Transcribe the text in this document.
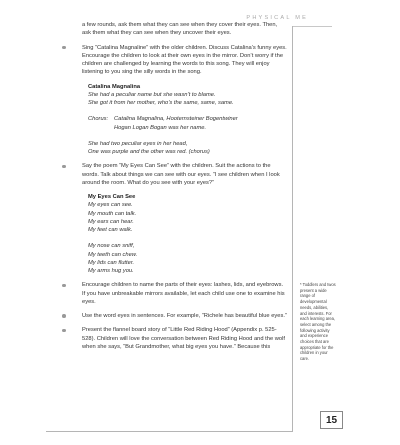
PHYSICAL ME

a few rounds, ask them what they can see when they cover their eyes. Then, ask them what they can see when they uncover their eyes.

Sing “Catalina Magnaline” with the older children. Discuss Catalina’s funny eyes. Encourage the children to look at their own eyes in the mirror. Don’t worry if the children are challenged by learning the words to this song. They will enjoy listening to you sing the silly words in the song.

Catalina Magnalina

She had a peculiar name but she wasn’t to blame.

She got it from her mother, who’s the same, same, same.

Chorus:	Catalina Magnalina, Hooternsteiner Bogentwiner

Hogan Logan Bogan was her name.

She had two peculiar eyes in her head,

One was purple and the other was red. (chorus)

Say the poem “My Eyes Can See” with the children. Suit the actions to the words. Talk about things we can see with our eyes. “I see children when I look around the room. What do you see with your eyes?”

My Eyes Can See

My eyes can see.

My mouth can talk.

My ears can hear.

My feet can walk.

My nose can sniff,

My teeth can chew.

My lids can flutter.

My arms hug you.

Encourage children to name the parts of their eyes: lashes, lids, and eyebrows. If you have unbreakable mirrors available, let each child use one to examine his eyes.

Use the word eyes in sentences. For example, “Richele has beautiful blue eyes.”

Present the flannel board story of “Little Red Riding Hood” (Appendix p. 525-528). Children will love the conversation between Red Riding Hood and the wolf when she says, “But Grandmother, what big eyes you have.” Because this

* Toddlers and twos present a wide range of developmental needs, abilities, and interests. For each learning area, select among the following activity and experience choices that are appropriate for the children in your care.
15
